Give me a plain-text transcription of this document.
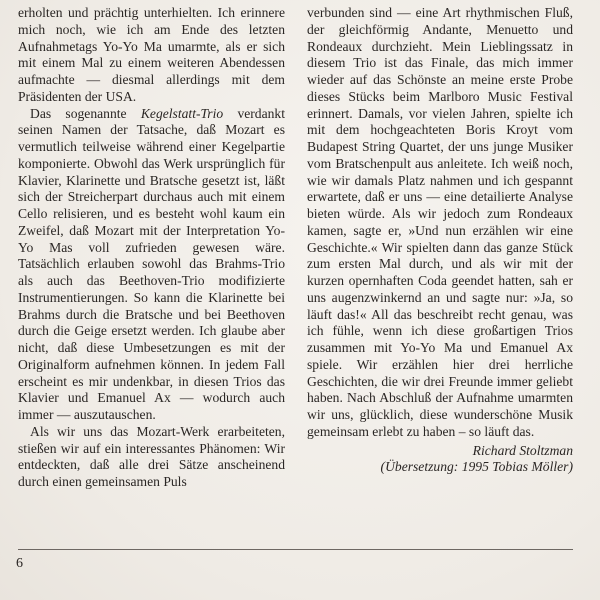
erholten und prächtig unterhielten. Ich erinnere mich noch, wie ich am Ende des letzten Aufnahmetags Yo-Yo Ma umarmte, als er sich mit einem Mal zu einem weiteren Abendessen aufmachte — diesmal allerdings mit dem Präsidenten der USA.

Das sogenannte Kegelstatt-Trio verdankt seinen Namen der Tatsache, daß Mozart es vermutlich teilweise während einer Kegelpartie komponierte. Obwohl das Werk ursprünglich für Klavier, Klarinette und Bratsche gesetzt ist, läßt sich der Streicherpart durchaus auch mit einem Cello relisieren, und es besteht wohl kaum ein Zweifel, daß Mozart mit der Interpretation Yo-Yo Mas voll zufrieden gewesen wäre. Tatsächlich erlauben sowohl das Brahms-Trio als auch das Beethoven-Trio modifizierte Instrumentierungen. So kann die Klarinette bei Brahms durch die Bratsche und bei Beethoven durch die Geige ersetzt werden. Ich glaube aber nicht, daß diese Umbesetzungen es mit der Originalform aufnehmen können. In jedem Fall erscheint es mir undenkbar, in diesen Trios das Klavier und Emanuel Ax — wodurch auch immer — auszutauschen.

Als wir uns das Mozart-Werk erarbeiteten, stießen wir auf ein interessantes Phänomen: Wir entdeckten, daß alle drei Sätze anscheinend durch einen gemeinsamen Puls

verbunden sind — eine Art rhythmischen Fluß, der gleichförmig Andante, Menuetto und Rondeaux durchzieht. Mein Lieblingssatz in diesem Trio ist das Finale, das mich immer wieder auf das Schönste an meine erste Probe dieses Stücks beim Marlboro Music Festival erinnert. Damals, vor vielen Jahren, spielte ich mit dem hochgeachteten Boris Kroyt vom Budapest String Quartet, der uns junge Musiker vom Bratschenpult aus anleitete. Ich weiß noch, wie wir damals Platz nahmen und ich gespannt erwartete, daß er uns — eine detailierte Analyse bieten würde. Als wir jedoch zum Rondeaux kamen, sagte er, »Und nun erzählen wir eine Geschichte.« Wir spielten dann das ganze Stück zum ersten Mal durch, und als wir mit der kurzen opernhaften Coda geendet hatten, sah er uns augenzwinkernd an und sagte nur: »Ja, so läuft das!« All das beschreibt recht genau, was ich fühle, wenn ich diese großartigen Trios zusammen mit Yo-Yo Ma und Emanuel Ax spiele. Wir erzählen hier drei herrliche Geschichten, die wir drei Freunde immer geliebt haben. Nach Abschluß der Aufnahme umarmten wir uns, glücklich, diese wunderschöne Musik gemeinsam erlebt zu haben – so läuft das.

Richard Stoltzman
(Übersetzung: 1995 Tobias Möller)
6
